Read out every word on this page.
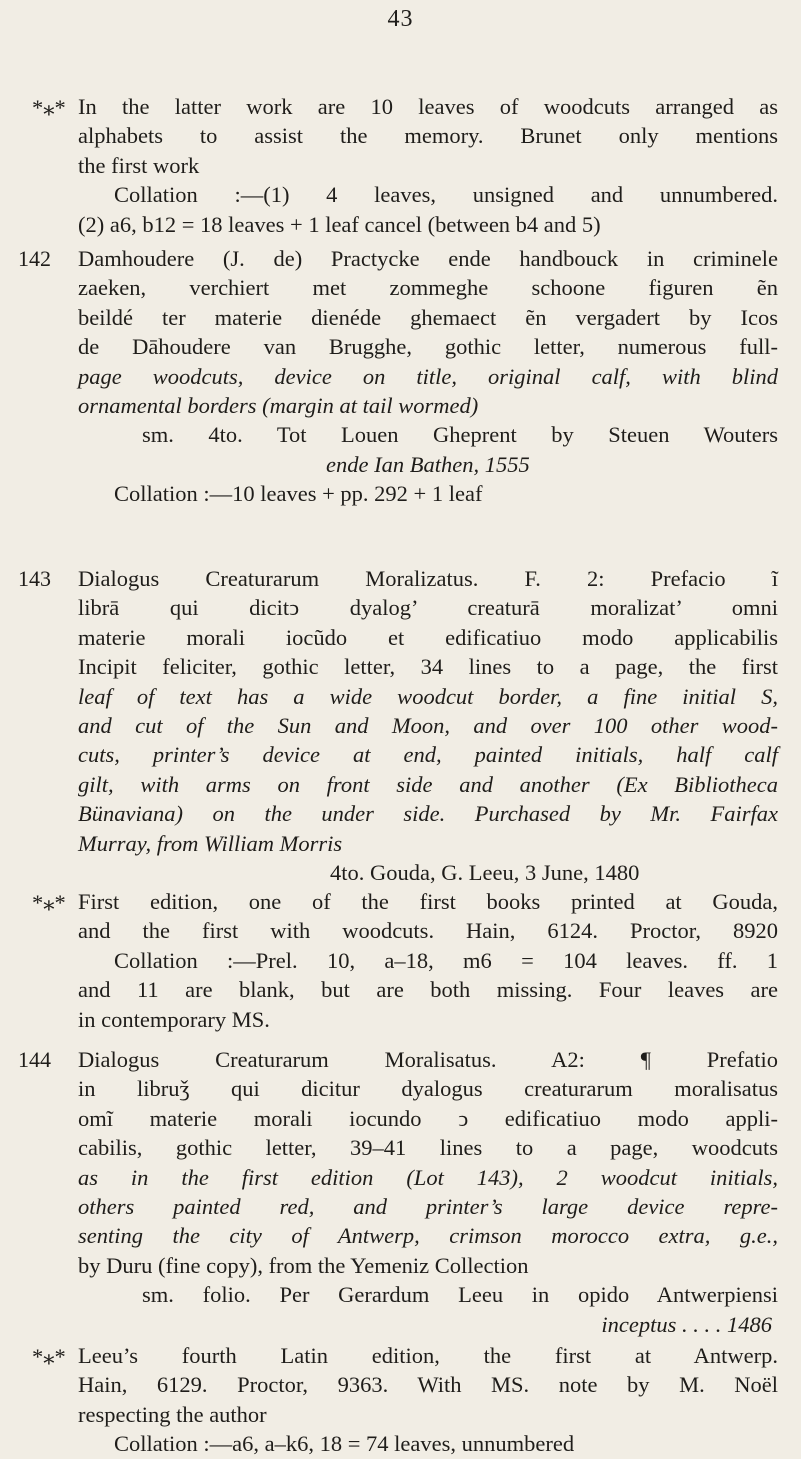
43
*⁎* In the latter work are 10 leaves of woodcuts arranged as
alphabets to assist the memory. Brunet only mentions
the first work
Collation :—(1) 4 leaves, unsigned and unnumbered.
(2) a6, b12 = 18 leaves + 1 leaf cancel (between b4 and 5)
142 Damhoudere (J. de) Practycke ende handbouck in criminele
zaeken, verchiert met zommeghe schoone figuren ẽn
beildé ter materie dienéde ghemaect ẽn vergadert by Icos
de Dāhoudere van Brugghe, gothic letter, numerous full-
page woodcuts, device on title, original calf, with blind
ornamental borders (margin at tail wormed)
sm. 4to. Tot Louen Gheprent by Steuen Wouters
ende Ian Bathen, 1555
Collation :—10 leaves + pp. 292 + 1 leaf
143 Dialogus Creaturarum Moralizatus. F. 2: Prefacio ĩ
librā qui dicitↄ dyalog’ creaturā moralizat’ omni
materie morali iocũdo et edificatiuo modo applicabilis
Incipit feliciter, gothic letter, 34 lines to a page, the first
leaf of text has a wide woodcut border, a fine initial S,
and cut of the Sun and Moon, and over 100 other wood-
cuts, printer’s device at end, painted initials, half calf
gilt, with arms on front side and another (Ex Bibliotheca
Bünaviana) on the under side. Purchased by Mr. Fairfax
Murray, from William Morris
4to. Gouda, G. Leeu, 3 June, 1480
*⁎* First edition, one of the first books printed at Gouda,
and the first with woodcuts. Hain, 6124. Proctor, 8920
Collation :—Prel. 10, a–18, m6 = 104 leaves. ff. 1
and 11 are blank, but are both missing. Four leaves are
in contemporary MS.
144 Dialogus Creaturarum Moralisatus. A2: ¶ Prefatio
in libruǯ qui dicitur dyalogus creaturarum moralisatus
omĩ materie morali iocundo ↄ edificatiuo modo appli-
cabilis, gothic letter, 39–41 lines to a page, woodcuts
as in the first edition (Lot 143), 2 woodcut initials,
others painted red, and printer’s large device repre-
senting the city of Antwerp, crimson morocco extra, g.e.,
by Duru (fine copy), from the Yemeniz Collection
sm. folio. Per Gerardum Leeu in opido Antwerpiensi
inceptus . . . . 1486
*⁎* Leeu’s fourth Latin edition, the first at Antwerp.
Hain, 6129. Proctor, 9363. With MS. note by M. Noël
respecting the author
Collation :—a6, a–k6, 18 = 74 leaves, unnumbered
